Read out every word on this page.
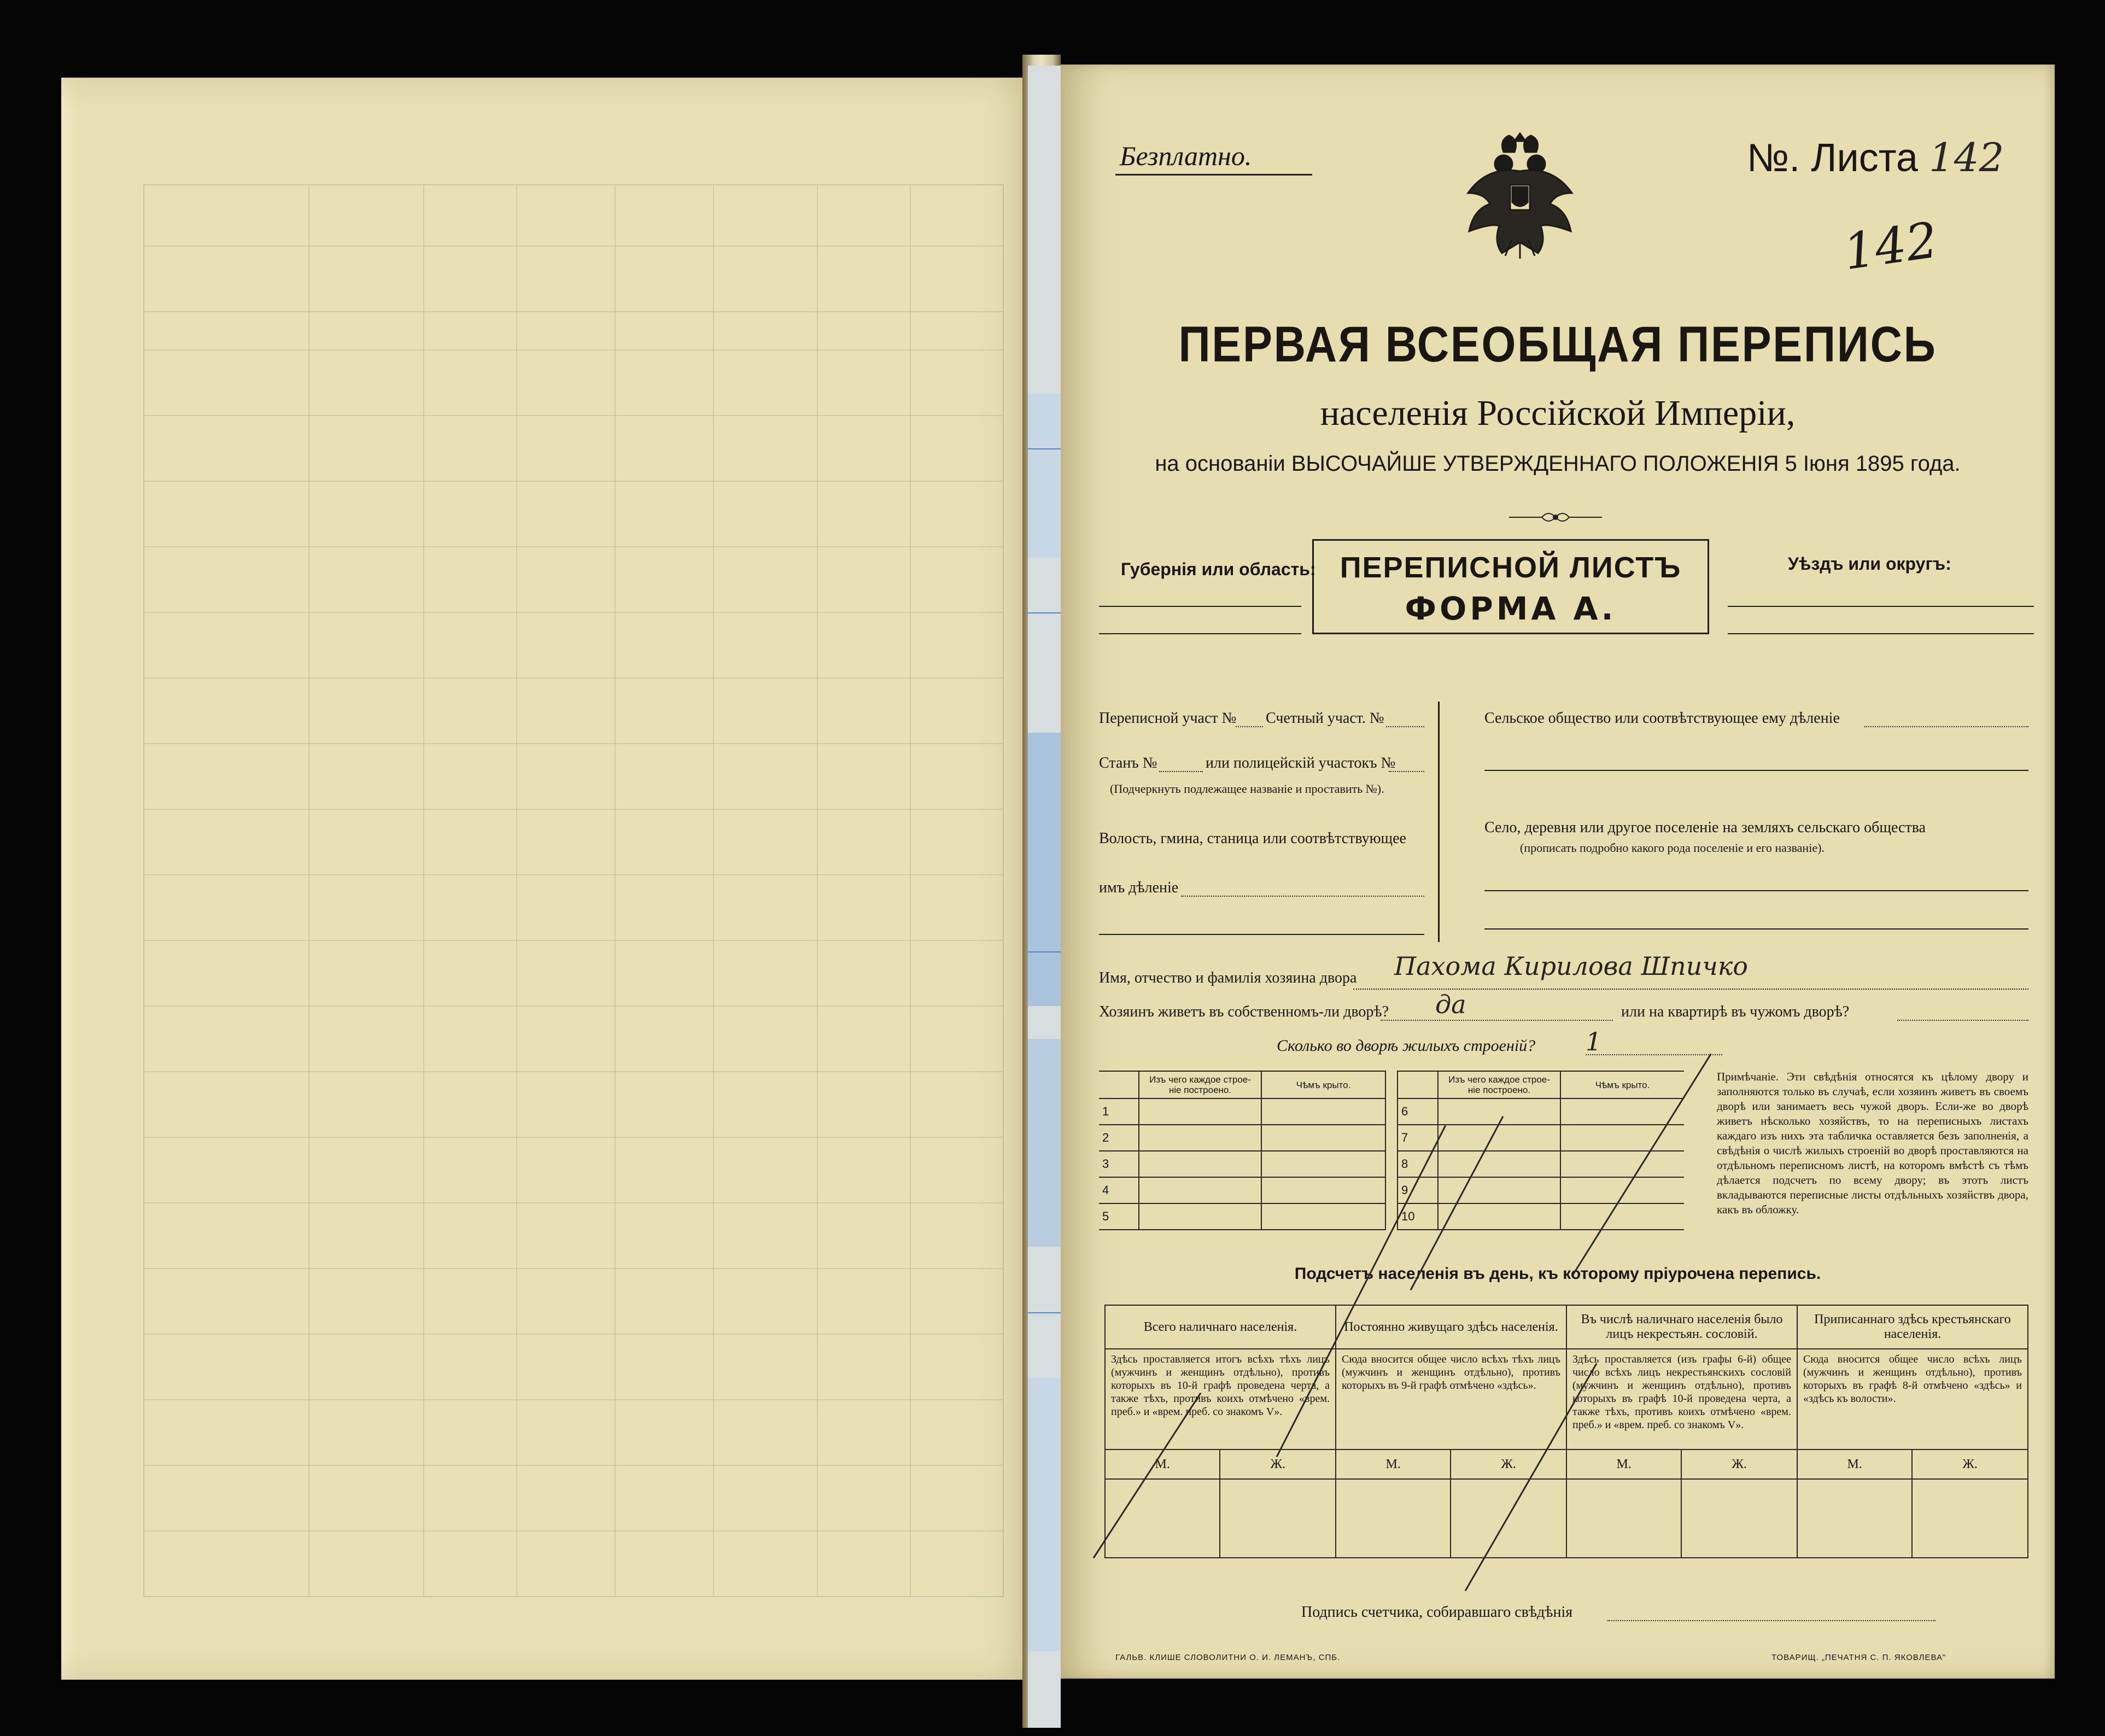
Безплатно.	№. Листа 142
142
ПЕРВАЯ ВСЕОБЩАЯ ПЕРЕПИСЬ
населенія Россійской Имперіи,
на основаніи ВЫСОЧАЙШЕ УТВЕРЖДЕННАГО ПОЛОЖЕНІЯ 5 Іюня 1895 года.
Губернія или область: ПЕРЕПИСНОЙ ЛИСТЪ
ФОРМА А.
Уѣздъ или округъ:
Переписной участ № Счетный участ. №
Станъ №	или полицейскій участокъ №
(Подчеркнуть подлежащее названіе и проставить №).
Волость, гмина, станица или соотвѣтствующее
имъ дѣленіе
Сельское общество или соотвѣтствующее ему дѣленіе
Село, деревня или другое поселеніе на земляхъ сельскаго общества
(прописать подробно какого рода поселеніе и его названіе).
Имя, отчество и фамилія хозяина двора Пахома Кирилова Шпичко
Хозяинъ живетъ въ собственномъ-ли дворѣ? да	или на квартирѣ въ чужомъ дворѣ?
Сколько во дворѣ жилыхъ строеній? 1
	Изъ чего каждое строе-
ніе построено.	Чѣмъ крыто.
1		
2		
3		
4		
5		
	Изъ чего каждое строе-
ніе построено.	Чѣмъ крыто.
6		
7		
8		
9		
10		
Примѣчаніе. Эти свѣдѣнія относятся къ цѣлому двору и заполняются только въ случаѣ, если хозяинъ живетъ въ своемъ дворѣ или занимаетъ весь чужой дворъ. Если-же во дворѣ живетъ нѣсколько хозяйствъ, то на переписныхъ листахъ каждаго изъ нихъ эта табличка оставляется безъ заполненія, а свѣдѣнія о числѣ жилыхъ строеній во дворѣ проставляются на отдѣльномъ переписномъ листѣ, на которомъ вмѣстѣ съ тѣмъ дѣлается подсчетъ по всему двору; въ этотъ листъ вкладываются переписные листы отдѣльныхъ хозяйствъ двора, какъ въ обложку.
Подсчетъ населенія въ день, къ которому пріурочена перепись.
Всего наличнаго населенія.		Постоянно живущаго здѣсь населенія.		Въ числѣ наличнаго населенія было лицъ некрестьян. сословій.		Приписаннаго здѣсь крестьянскаго населенія.	
Здѣсь проставляется итогъ всѣхъ тѣхъ лицъ (мужчинъ и женщинъ отдѣльно), противъ которыхъ въ 10-й графѣ проведена черта, а также тѣхъ, противъ коихъ отмѣчено «врем. преб.» и «врем. преб. со знакомъ V».		Сюда вносится общее число всѣхъ тѣхъ лицъ (мужчинъ и женщинъ отдѣльно), противъ которыхъ въ 9-й графѣ отмѣчено «здѣсь».		Здѣсь проставляется (изъ графы 6-й) общее число всѣхъ лицъ некрестьянскихъ сословій (мужчинъ и женщинъ отдѣльно), противъ которыхъ въ графѣ 10-й проведена черта, а также тѣхъ, противъ коихъ отмѣчено «врем. преб.» и «врем. преб. со знакомъ V».		Сюда вносится общее число всѣхъ лицъ (мужчинъ и женщинъ отдѣльно), противъ которыхъ въ графѣ 8-й отмѣчено «здѣсь» и «здѣсь къ волости».	
М.	Ж.	М.	Ж.	М.	Ж.	М.	Ж.

Подпись счетчика, собиравшаго свѣдѣнія
ГАЛЬВ. КЛИШЕ СЛОВОЛИТНИ О. И. ЛЕМАНЪ, СПБ.	ТОВАРИЩ. „ПЕЧАТНЯ С. П. ЯКОВЛЕВА"
